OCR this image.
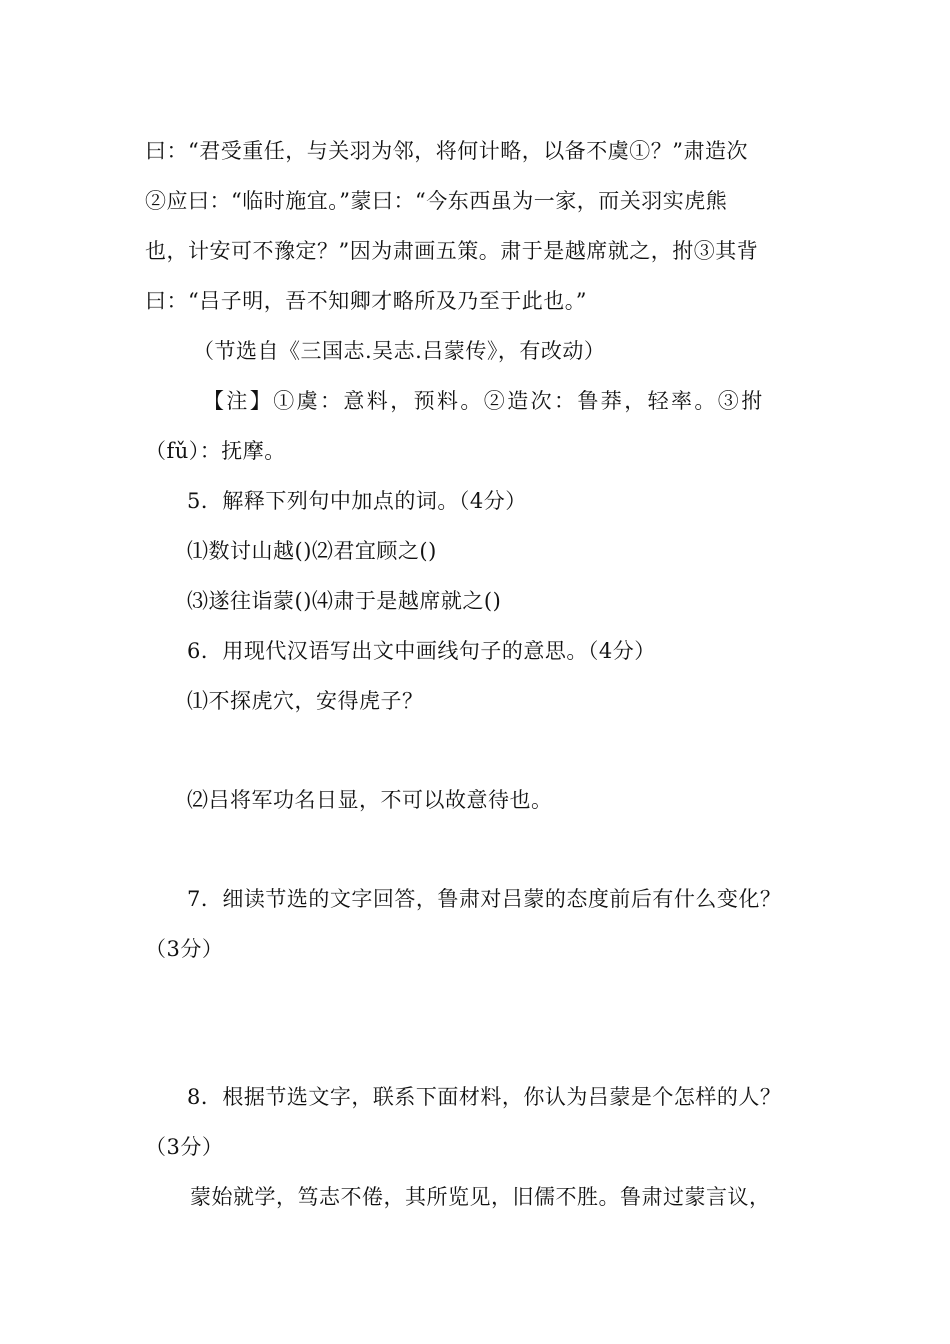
曰：“君受重任，与关羽为邻，将何计略，以备不虞①？”肃造次
②应曰：“临时施宜。”蒙曰：“今东西虽为一家，而关羽实虎熊
也，计安可不豫定？”因为肃画五策。肃于是越席就之，拊③其背
曰：“吕子明，吾不知卿才略所及乃至于此也。”
（节选自《三国志.吴志.吕蒙传》，有改动）
【注】①虞：意料，预料。②造次：鲁莽，轻率。③拊
（fǔ）：抚摩。
5．解释下列句中加点的词。（4分）
⑴数讨山越()⑵君宜顾之()
⑶遂往诣蒙()⑷肃于是越席就之()
6．用现代汉语写出文中画线句子的意思。（4分）
⑴不探虎穴，安得虎子？
⑵吕将军功名日显，不可以故意待也。
7．细读节选的文字回答，鲁肃对吕蒙的态度前后有什么变化？
（3分）
8．根据节选文字，联系下面材料，你认为吕蒙是个怎样的人？
（3分）
蒙始就学，笃志不倦，其所览见，旧儒不胜。鲁肃过蒙言议，
